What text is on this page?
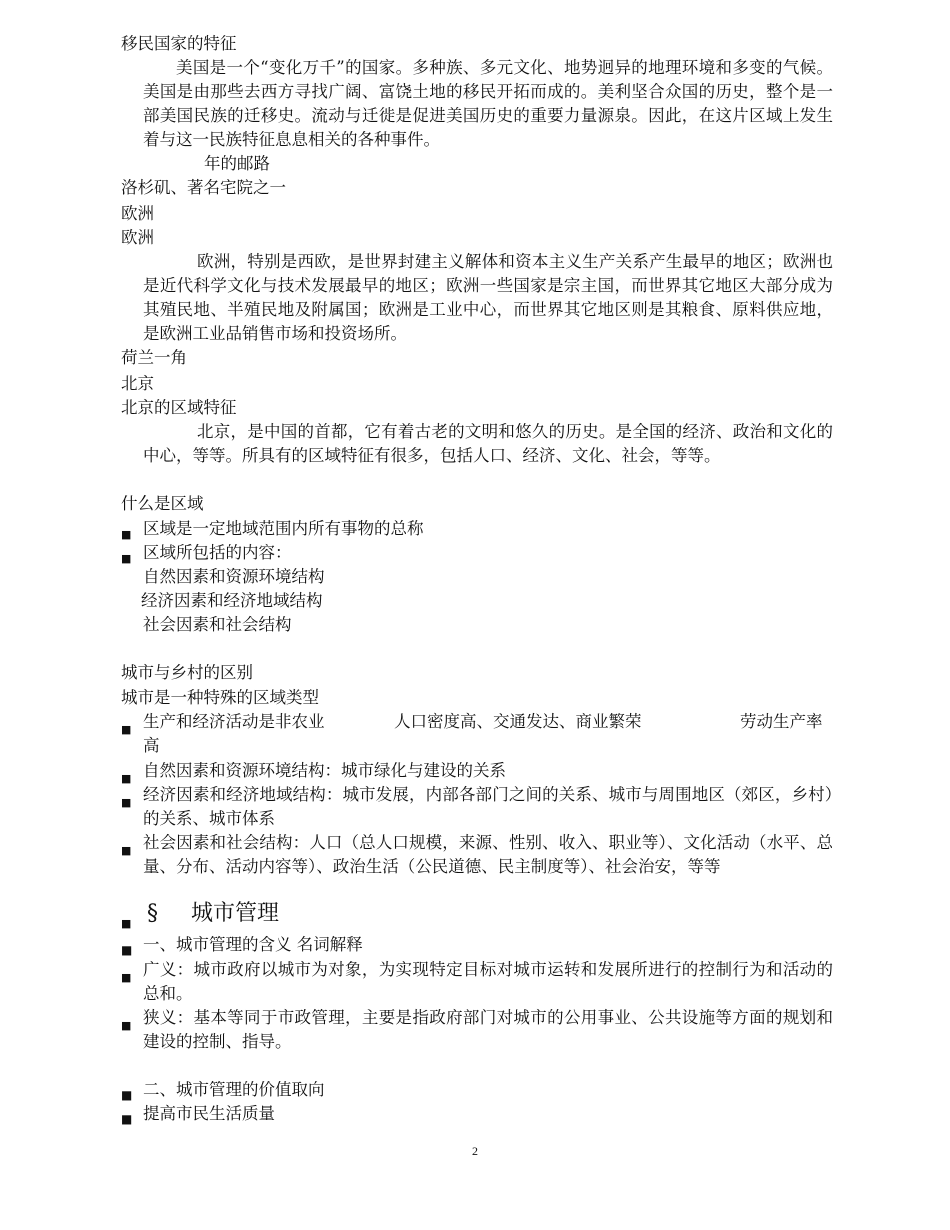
移民国家的特征
美国是一个“变化万千”的国家。多种族、多元文化、地势迥异的地理环境和多变的气候。美国是由那些去西方寻找广阔、富饶土地的移民开拓而成的。美利坚合众国的历史，整个是一部美国民族的迁移史。流动与迁徙是促进美国历史的重要力量源泉。因此，在这片区域上发生着与这一民族特征息息相关的各种事件。
年的邮路
洛杉矶、著名宅院之一
欧洲
欧洲
欧洲，特别是西欧，是世界封建主义解体和资本主义生产关系产生最早的地区；欧洲也是近代科学文化与技术发展最早的地区；欧洲一些国家是宗主国，而世界其它地区大部分成为其殖民地、半殖民地及附属国；欧洲是工业中心，而世界其它地区则是其粮食、原料供应地，是欧洲工业品销售市场和投资场所。
荷兰一角
北京
北京的区域特征
北京，是中国的首都，它有着古老的文明和悠久的历史。是全国的经济、政治和文化的中心，等等。所具有的区域特征有很多，包括人口、经济、文化、社会，等等。
什么是区域
■ 区域是一定地域范围内所有事物的总称
■ 区域所包括的内容：
自然因素和资源环境结构
经济因素和经济地域结构
社会因素和社会结构
城市与乡村的区别
城市是一种特殊的区域类型
■ 生产和经济活动是非农业	人口密度高、交通发达、商业繁荣	劳动生产率
高
■ 自然因素和资源环境结构：城市绿化与建设的关系
■ 经济因素和经济地域结构：城市发展，内部各部门之间的关系、城市与周围地区（郊区，乡村）的关系、城市体系
■ 社会因素和社会结构：人口（总人口规模，来源、性别、收入、职业等）、文化活动（水平、总量、分布、活动内容等）、政治生活（公民道德、民主制度等）、社会治安，等等
■ § 城市管理
■ 一、城市管理的含义 名词解释
■ 广义：城市政府以城市为对象，为实现特定目标对城市运转和发展所进行的控制行为和活动的总和。
■ 狭义：基本等同于市政管理，主要是指政府部门对城市的公用事业、公共设施等方面的规划和建设的控制、指导。
■ 二、城市管理的价值取向
■ 提高市民生活质量
2
